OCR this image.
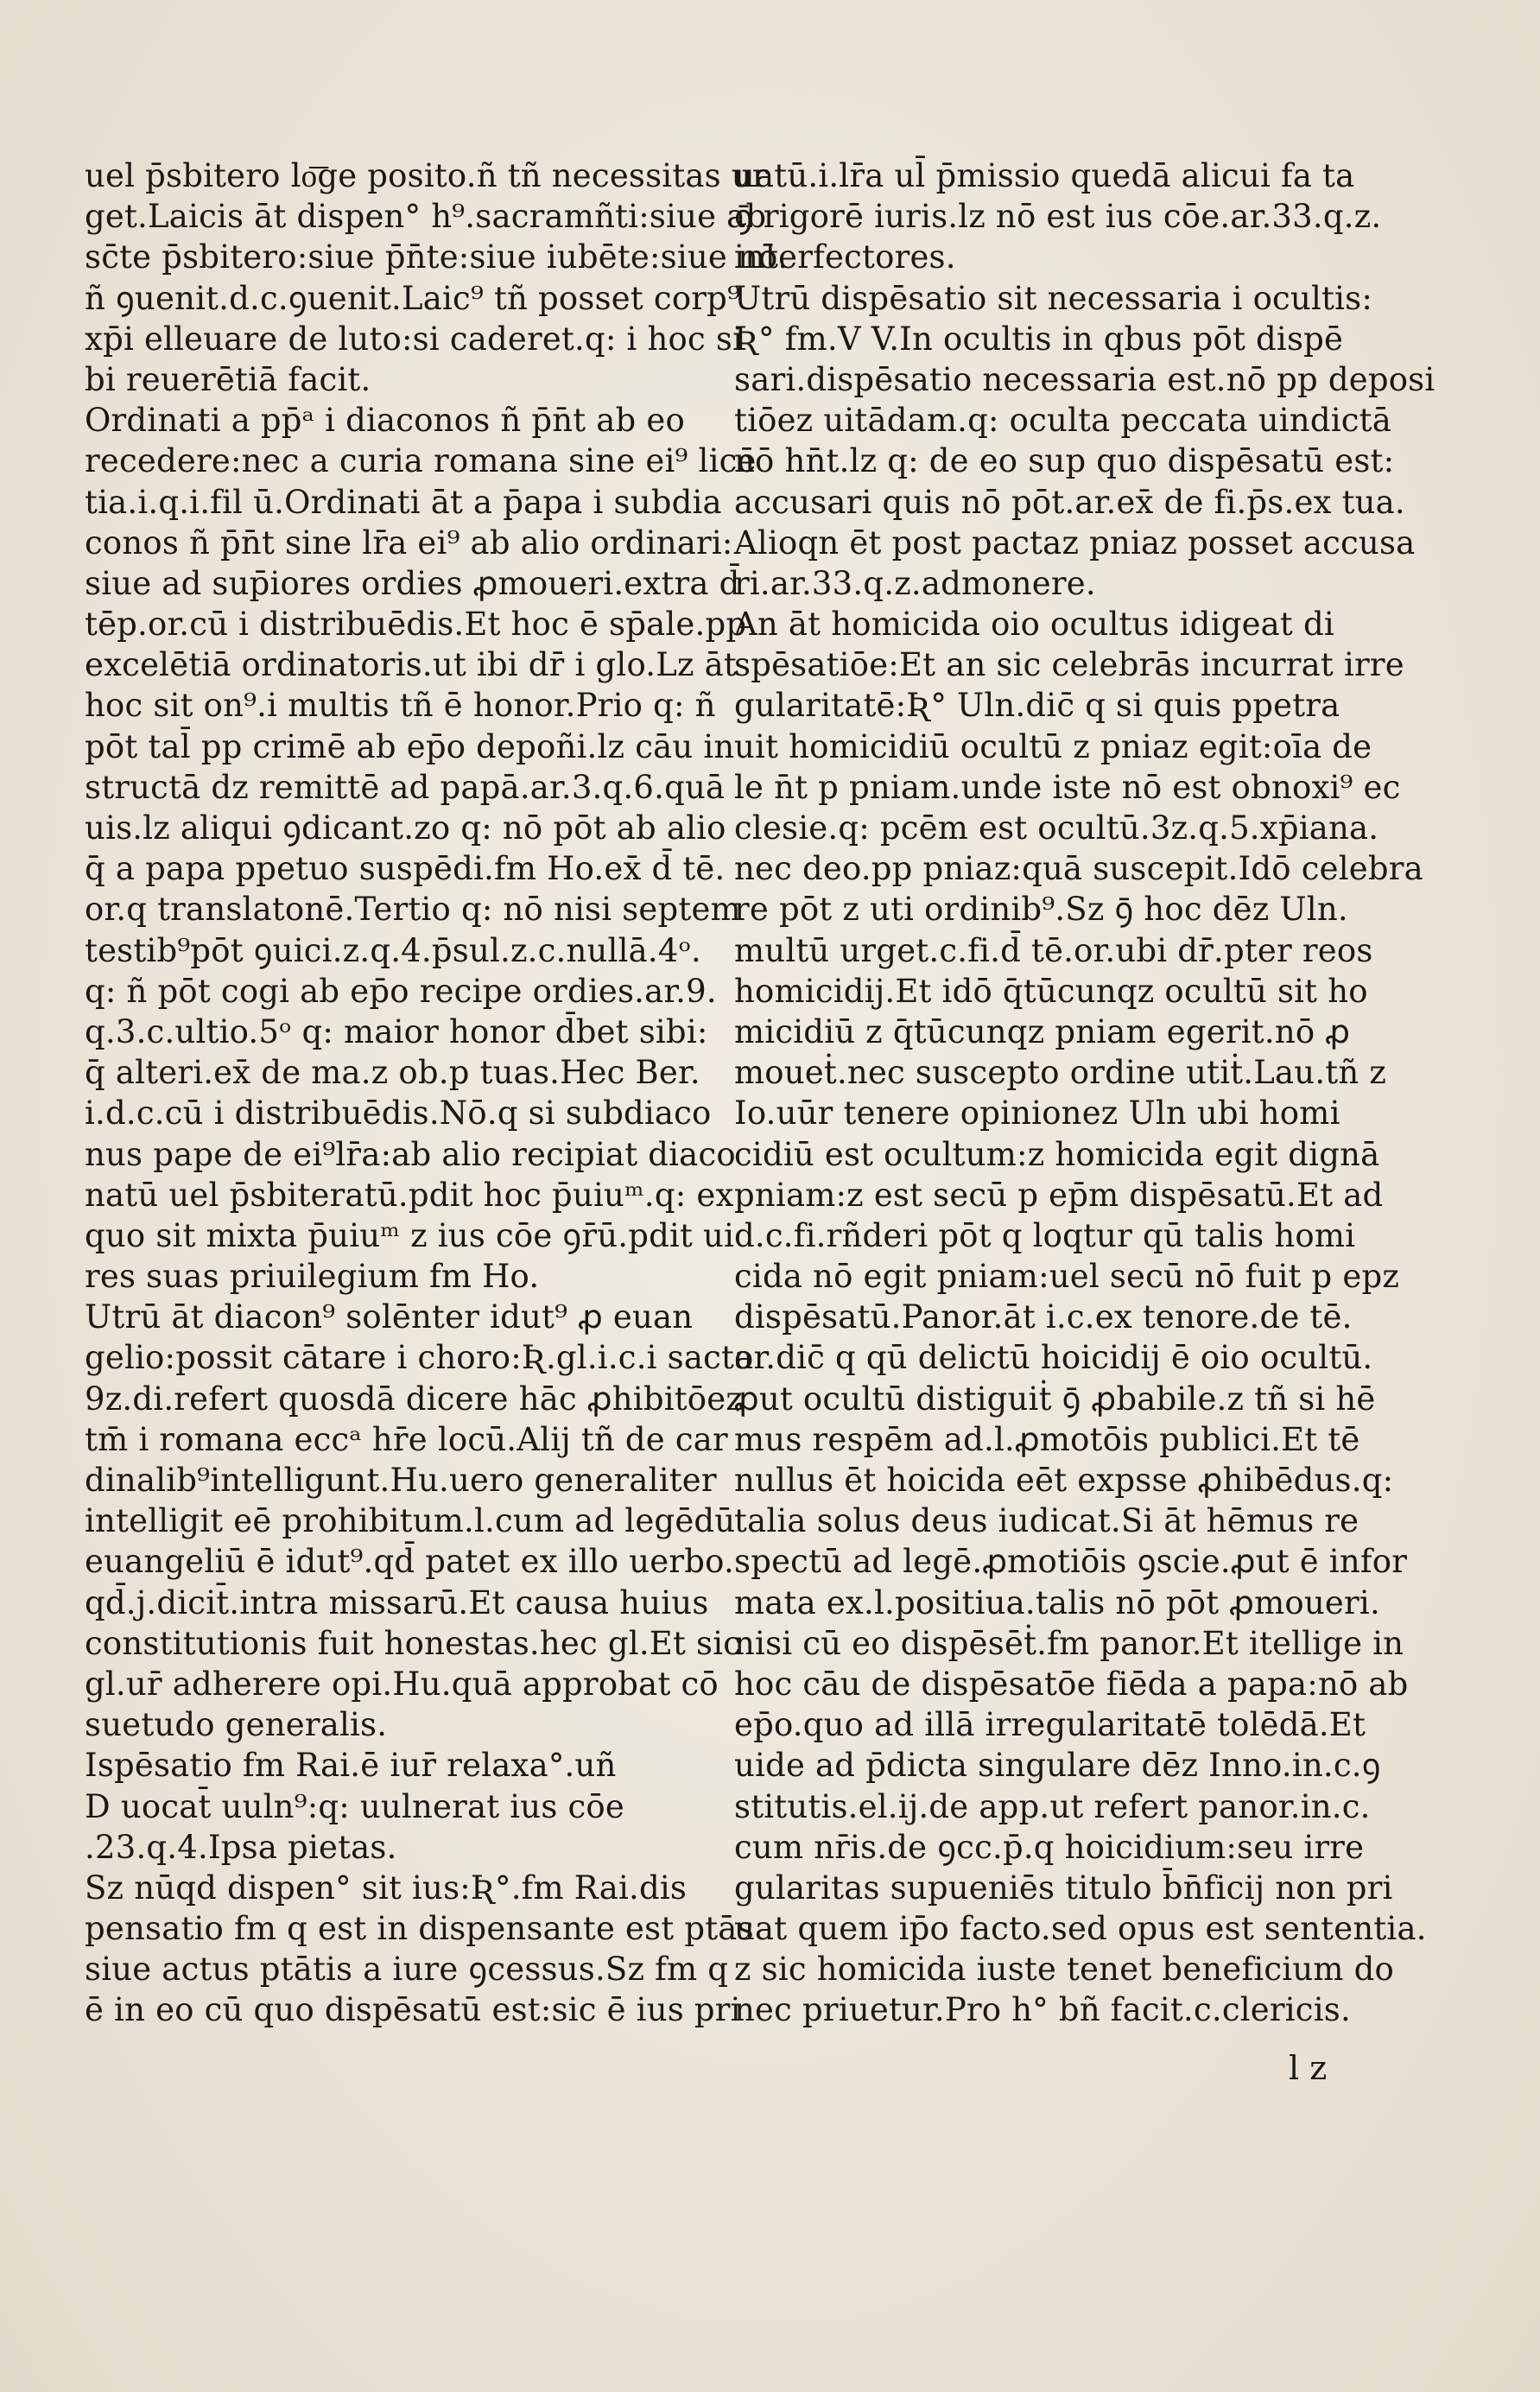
uel p̄sbitero lo͞ge posito.ñ tñ necessitas ur
get.Laicis āt dispen° h⁹.sacramñti:siue ab
sc̄te p̄sbitero:siue p̄n̄te:siue iubēte:siue nō.
ñ ꝯuenit.d.c.ꝯuenit.Laic⁹ tñ posset corp⁹
xp̄i elleuare de luto:si caderet.q: i hoc si
bi reuerētiā facit.
Ordinati a pp̄ᵃ i diaconos ñ p̄n̄t ab eo
recedere:nec a curia romana sine ei⁹ licē
tia.i.q.i.fil ū.Ordinati āt a p̄apa i subdia
conos ñ p̄n̄t sine lr̄a ei⁹ ab alio ordinari:
siue ad sup̄iores ordies ꝓmoueri.extra d̄
tēp.or.cū i distribuēdis.Et hoc ē sp̄ale.pp
excelētiā ordinatoris.ut ibi dr̄ i glo.Lz āt
hoc sit on⁹.i multis tñ ē honor.Prio q: ñ
pōt tal̄ pp crimē ab ep̄o depoñi.lz cāu in
structā dz remittē ad papā.ar.3.q.6.quā
uis.lz aliqui ꝯdicant.zo q: nō pōt ab alio
q̄̄ a papa ppetuo suspēdi.fm Ho.ex̄ d̄ tē.
or.q translatonē.Tertio q: nō nisi septem
testib⁹pōt ꝯuici.z.q.4.p̄sul.z.c.nullā.4ᵒ.
q: ñ pōt cogi ab ep̄o recipe ordies.ar.9.
q.3.c.ultio.5ᵒ q: maior honor d̄bet sibi:
q̄̄ alteri.ex̄ de ma.z ob.p tuas.Hec Ber.
i.d.c.cū i distribuēdis.Nō.q si subdiaco
nus pape de ei⁹lr̄a:ab alio recipiat diaco
natū uel p̄sbiteratū.pdit hoc p̄uiuᵐ.q: ex
quo sit mixta p̄uiuᵐ z ius cōe ꝯr̄ū.pdit ui
res suas priuilegium fm Ho.
Utrū āt diacon⁹ solēnter idut⁹ ꝓ euan
gelio:possit cātare i choro:Ʀ.gl.i.c.i sacta
9z.di.refert quosdā dicere hāc ꝓhibitōez
tm̄ i romana eccᵃ hr̄e locū.Alij tñ de car
dinalib⁹intelligunt.Hu.uero generaliter
intelligit eē prohibitum.l.cum ad legēdū
euangeliū ē idut⁹.qd̄ patet ex illo uerbo.
qd̄.j.dicit̄.intra missarū.Et causa huius
constitutionis fuit honestas.hec gl.Et sic
gl.ur̄ adherere opi.Hu.quā approbat cō
suetudo generalis.
Ispēsatio fm Rai.ē iur̄ relaxa°.uñ
D uocat̄ uuln⁹:q: uulnerat ius cōe
.23.q.4.Ipsa pietas.
Sz nūqd dispen° sit ius:Ʀ°.fm Rai.dis
pensatio fm q est in dispensante est ptās
siue actus ptātis a iure ꝯcessus.Sz fm q
ē in eo cū quo dispēsatū est:sic ē ius pri
uatū.i.lr̄a ul̄ p̄missio quedā alicui fa ta
ꝯ̄ rigorē iuris.lz nō est ius cōe.ar.33.q.z.
interfectores.
Utrū dispēsatio sit necessaria i ocultis:
Ʀ° fm.V V.In ocultis in qbus pōt dispē
sari.dispēsatio necessaria est.nō pp deposi
tiōez uitādam.q: oculta peccata uindictā
nō hn̄t.lz q: de eo sup quo dispēsatū est:
accusari quis nō pōt.ar.ex̄ de fi.p̄s.ex tua.
Alioqn ēt post pactaz pniaz posset accusa
ri.ar.33.q.z.admonere.
An āt homicida oio ocultus idigeat di
spēsatiōe:Et an sic celebrās incurrat irre
gularitatē:Ʀ° Uln.dic̄ q si quis ppetra
uit homicidiū ocultū z pniaz egit:oīa de
le n̄t p pniam.unde iste nō est obnoxi⁹ ec
clesie.q: pcēm est ocultū.3z.q.5.xp̄iana.
nec deo.pp pniaz:quā suscepit.Idō celebra
re pōt z uti ordinib⁹.Sz ꝯ̄ hoc dēz Uln.
multū urget.c.fi.d̄ tē.or.ubi dr̄.pter reos
homicidij.Et idō q̄tūcunqz ocultū sit ho
micidiū z q̄tūcunqz pniam egerit.nō ꝓ
moueṫ.nec suscepto ordine utiṫ.Lau.tñ z
Io.uūr tenere opinionez Uln ubi homi
cidiū est ocultum:z homicida egit dignā
pniam:z est secū p ep̄m dispēsatū.Et ad
d.c.fi.rñderi pōt q loqtur qū talis homi
cida nō egit pniam:uel secū nō fuit p epz
dispēsatū.Panor.āt i.c.ex tenore.de tē.
or.dic̄ q qū delictū hoicidij ē oio ocultū.
ꝓut ocultū distiguiṫ ꝯ̄ ꝓbabile.z tñ si hē
mus respēm ad.l.ꝓmotōis publici.Et tē
nullus ēt hoicida eēt expsse ꝓhibēdus.q:
talia solus deus iudicat.Si āt hēmus re
spectū ad legē.ꝓmotiōis ꝯscie.ꝓut ē infor
mata ex.l.positiua.talis nō pōt ꝓmoueri.
nisi cū eo dispēsēṫ.fm panor.Et itellige in
hoc cāu de dispēsatōe fiēda a papa:nō ab
ep̄o.quo ad illā irregularitatē tolēdā.Et
uide ad p̄dicta singulare dēz Inno.in.c.ꝯ
stitutis.el.ij.de app.ut refert panor.in.c.
cum nr̄is.de ꝯcc.p̄.q hoicidium:seu irre
gularitas supueniēs titulo b̄n̄ficij non pri
uat quem ip̄o facto.sed opus est sententia.
z sic homicida iuste tenet beneficium do
nec priuetur.Pro h° bñ facit.c.clericis.
l z
